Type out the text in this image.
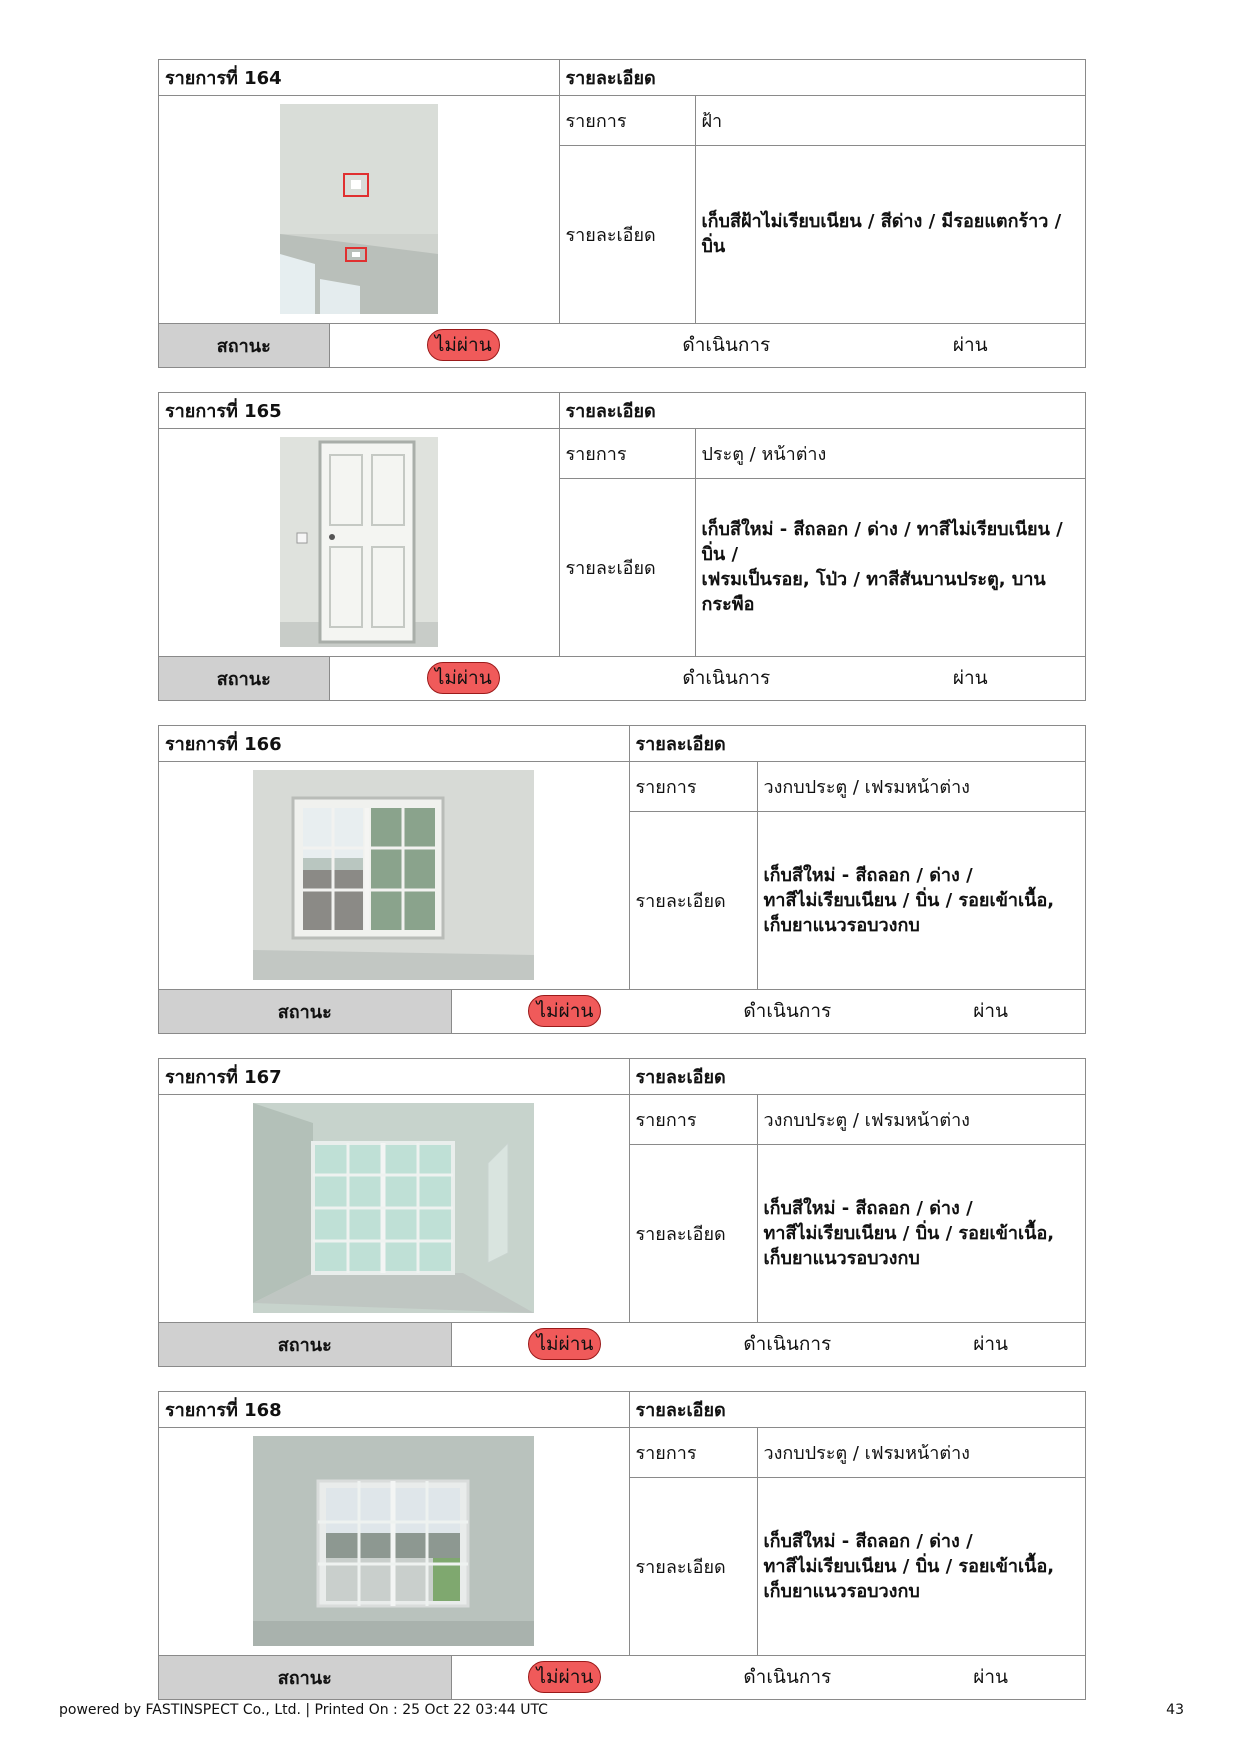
รายการที่ 164	รายละเอียด	
	รายการ	ฝ้า
	รายละเอียด	เก็บสีฝ้าไม่เรียบเนียน / สีด่าง / มีรอยแตกร้าว / บิ่น
สถานะ	ไม่ผ่าน	ดำเนินการ	ผ่าน
รายการที่ 165	รายละเอียด	
	รายการ	ประตู / หน้าต่าง
	รายละเอียด	เก็บสีใหม่ - สีถลอก / ด่าง / ทาสีไม่เรียบเนียน / บิ่น /
เฟรมเป็นรอย, โป่ว / ทาสีสันบานประตู, บานกระพือ
สถานะ	ไม่ผ่าน	ดำเนินการ	ผ่าน
รายการที่ 166	รายละเอียด	
	รายการ	วงกบประตู / เฟรมหน้าต่าง
	รายละเอียด	เก็บสีใหม่ - สีถลอก / ด่าง /
ทาสีไม่เรียบเนียน / บิ่น / รอยเข้าเนื้อ,
เก็บยาแนวรอบวงกบ
สถานะ	ไม่ผ่าน	ดำเนินการ	ผ่าน
รายการที่ 167	รายละเอียด	
	รายการ	วงกบประตู / เฟรมหน้าต่าง
	รายละเอียด	เก็บสีใหม่ - สีถลอก / ด่าง /
ทาสีไม่เรียบเนียน / บิ่น / รอยเข้าเนื้อ,
เก็บยาแนวรอบวงกบ
สถานะ	ไม่ผ่าน	ดำเนินการ	ผ่าน
รายการที่ 168	รายละเอียด	
	รายการ	วงกบประตู / เฟรมหน้าต่าง
	รายละเอียด	เก็บสีใหม่ - สีถลอก / ด่าง /
ทาสีไม่เรียบเนียน / บิ่น / รอยเข้าเนื้อ,
เก็บยาแนวรอบวงกบ
สถานะ	ไม่ผ่าน	ดำเนินการ	ผ่าน
powered by FASTINSPECT Co., Ltd. | Printed On : 25 Oct 22 03:44 UTC	43
